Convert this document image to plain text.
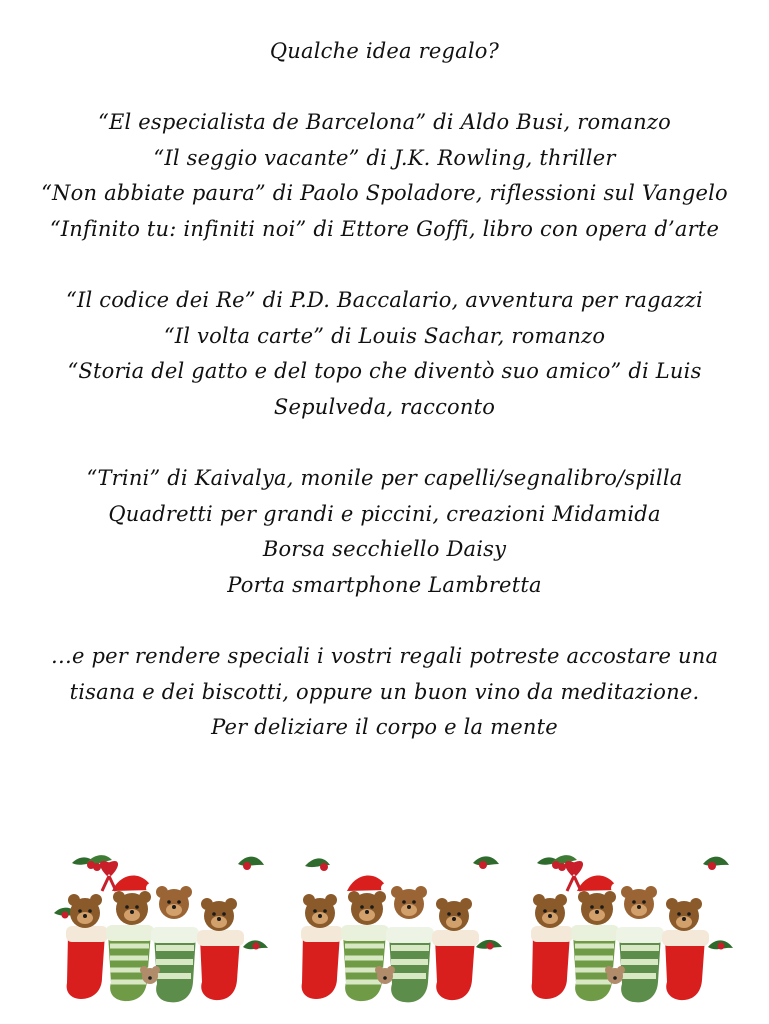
Qualche idea regalo?
“El especialista de Barcelona” di Aldo Busi, romanzo
“Il seggio vacante” di J.K. Rowling, thriller
“Non abbiate paura” di Paolo Spoladore, riflessioni sul Vangelo
“Infinito tu: infiniti noi” di Ettore Goffi, libro con opera d’arte
“Il codice dei Re” di P.D. Baccalario, avventura per ragazzi
“Il volta carte” di Louis Sachar, romanzo
“Storia del gatto e del topo che diventò suo amico” di Luis
Sepulveda, racconto
“Trini” di Kaivalya, monile per capelli/segnalibro/spilla
Quadretti per grandi e piccini, creazioni Midamida
Borsa secchiello Daisy
Porta smartphone Lambretta
…e per rendere speciali i vostri regali potreste accostare una
tisana e dei biscotti, oppure un buon vino da meditazione.
Per deliziare il corpo e la mente
